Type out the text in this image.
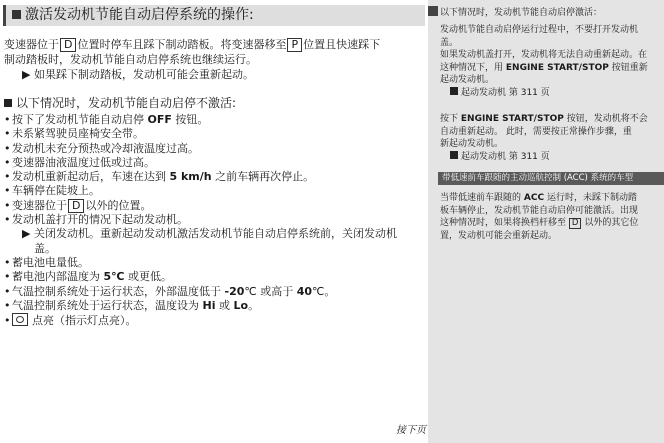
激活发动机节能自动启停系统的操作:
变速器位于 D 位置时停车且踩下制动踏板。将变速器移至 P 位置且快速踩下
制动踏板时，发动机节能自动启停系统也继续运行。
▶ 如果踩下制动踏板，发动机可能会重新起动。
以下情况时，发动机节能自动启停不激活:
• 按下了发动机节能自动启停 OFF 按钮。
• 未系紧驾驶员座椅安全带。
• 发动机未充分预热或冷却液温度过高。
• 变速器油液温度过低或过高。
• 发动机重新起动后，车速在达到 5 km/h 之前车辆再次停止。
• 车辆停在陡坡上。
• 变速器位于 D 以外的位置。
• 发动机盖打开的情况下起动发动机。
▶ 关闭发动机。重新起动发动机激活发动机节能自动启停系统前，关闭发动机
盖。
• 蓄电池电量低。
• 蓄电池内部温度为 5℃ 或更低。
• 气温控制系统处于运行状态，外部温度低于 -20℃ 或高于 40℃。
• 气温控制系统处于运行状态，温度设为 Hi 或 Lo。
• 点亮（指示灯点亮）。
接下页
以下情况时，发动机节能自动启停激活：
发动机节能自动启停运行过程中，不要打开发动机
盖。
如果发动机盖打开，发动机将无法自动重新起动。在
这种情况下，用 ENGINE START/STOP 按钮重新
起动发动机。
起动发动机 第 311 页
按下 ENGINE START/STOP 按钮，发动机将不会
自动重新起动。 此时，需要按正常操作步骤，重
新起动发动机。
起动发动机 第 311 页
带低速前车跟随的主动巡航控制 (ACC) 系统的车型
当带低速前车跟随的 ACC 运行时，未踩下制动踏
板车辆停止，发动机节能自动启停可能激活。出现
这种情况时，如果将换档杆移至 D 以外的其它位
置，发动机可能会重新起动。
